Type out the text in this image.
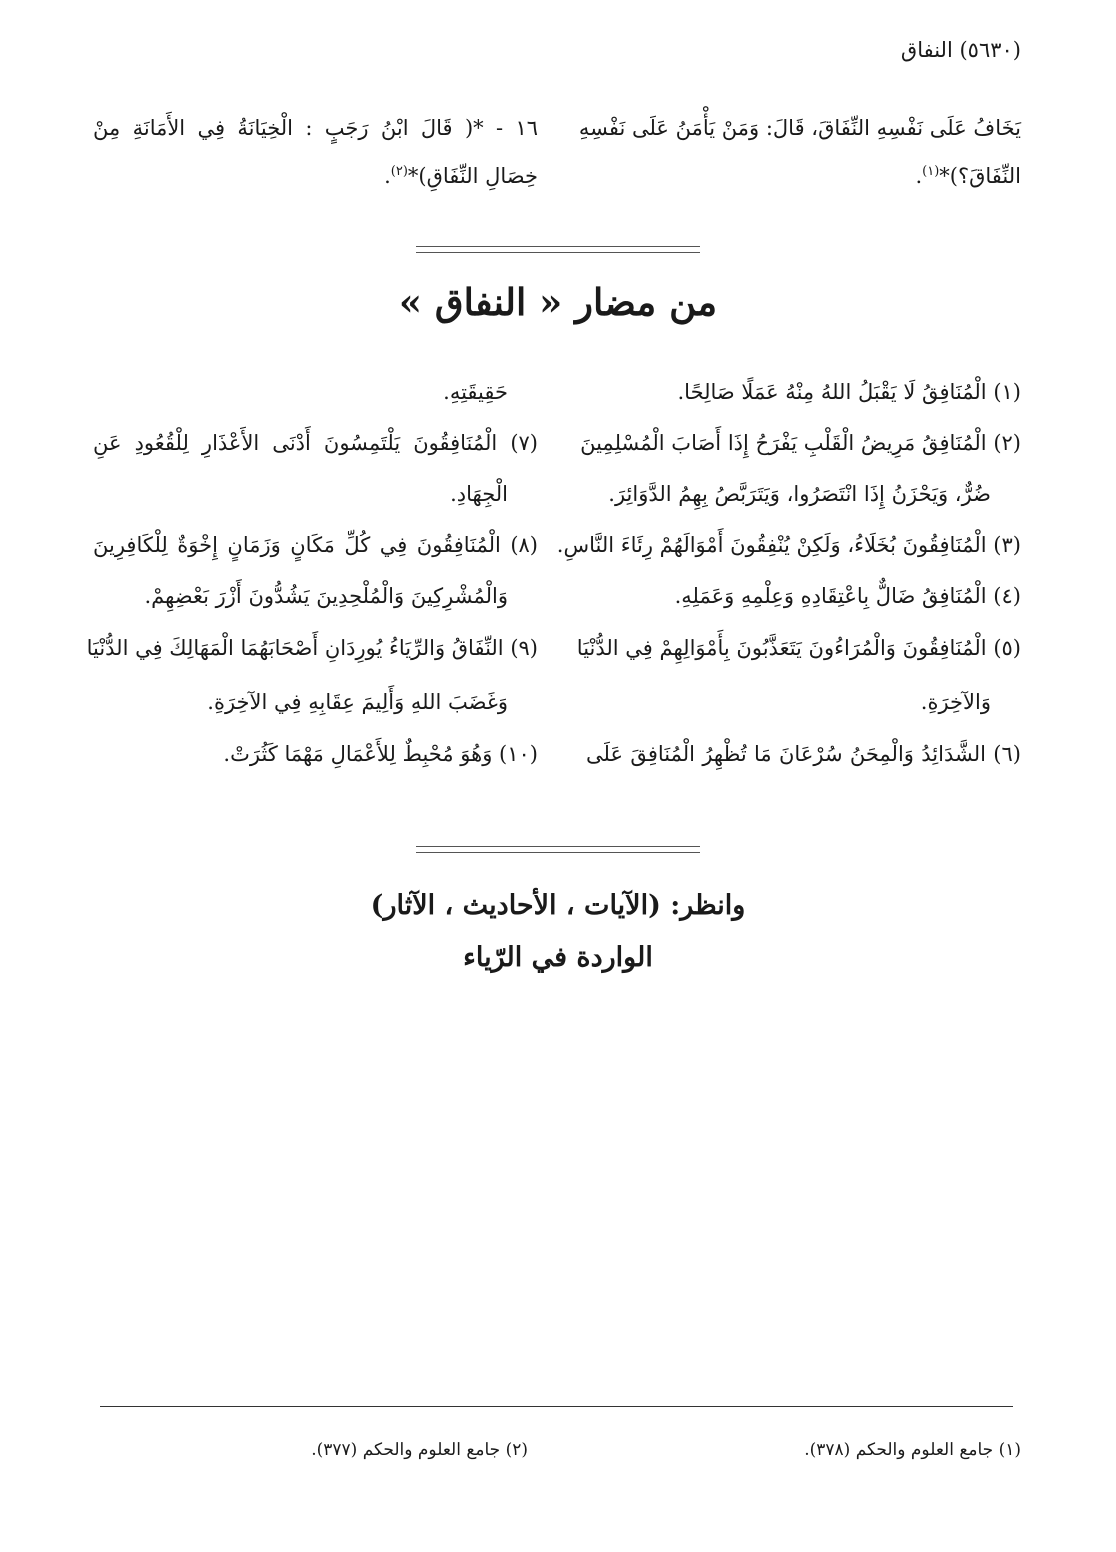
(٥٦٣٠) النفاق
يَخَافُ عَلَى نَفْسِهِ النِّفَاقَ، قَالَ: وَمَنْ يَأْمَنُ عَلَى نَفْسِهِ
النِّفَاقَ؟)*$^{(١)}$.
١٦ - *( قَالَ ابْنُ رَجَبٍ : الْخِيَانَةُ فِي الأَمَانَةِ مِنْ
خِصَالِ النِّفَاقِ)*$^{(٢)}$.
من مضار « النفاق »
(١) الْمُنَافِقُ لَا يَقْبَلُ اللهُ مِنْهُ عَمَلًا صَالِحًا.
(٢) الْمُنَافِقُ مَرِيضُ الْقَلْبِ يَفْرَحُ إِذَا أَصَابَ الْمُسْلِمِينَ
ضُرٌّ، وَيَحْزَنُ إِذَا انْتَصَرُوا، وَيَتَرَبَّصُ بِهِمُ الدَّوَائِرَ.
(٣) الْمُنَافِقُونَ بُخَلَاءُ، وَلَكِنْ يُنْفِقُونَ أَمْوَالَهُمْ رِئَاءَ النَّاسِ.
(٤) الْمُنَافِقُ ضَالٌّ بِاعْتِقَادِهِ وَعِلْمِهِ وَعَمَلِهِ.
(٥) الْمُنَافِقُونَ وَالْمُرَاءُونَ يَتَعَذَّبُونَ بِأَمْوَالِهِمْ فِي الدُّنْيَا
وَالآخِرَةِ.
(٦) الشَّدَائِدُ وَالْمِحَنُ سُرْعَانَ مَا تُظْهِرُ الْمُنَافِقَ عَلَى
حَقِيقَتِهِ.
(٧) الْمُنَافِقُونَ يَلْتَمِسُونَ أَدْنَى الأَعْذَارِ لِلْقُعُودِ عَنِ
الْجِهَادِ.
(٨) الْمُنَافِقُونَ فِي كُلِّ مَكَانٍ وَزَمَانٍ إِخْوَةٌ لِلْكَافِرِينَ
وَالْمُشْرِكِينَ وَالْمُلْحِدِينَ يَشُدُّونَ أَزْرَ بَعْضِهِمْ.
(٩) النِّفَاقُ وَالرِّيَاءُ يُورِدَانِ أَصْحَابَهُمَا الْمَهَالِكَ فِي الدُّنْيَا
وَغَضَبَ اللهِ وَأَلِيمَ عِقَابِهِ فِي الآخِرَةِ.
(١٠) وَهُوَ مُحْبِطٌ لِلأَعْمَالِ مَهْمَا كَثُرَتْ.
وانظر: (الآيات ، الأحاديث ، الآثار)
الواردة في الرّياء
(١) جامع العلوم والحكم (٣٧٨).
(٢) جامع العلوم والحكم (٣٧٧).
